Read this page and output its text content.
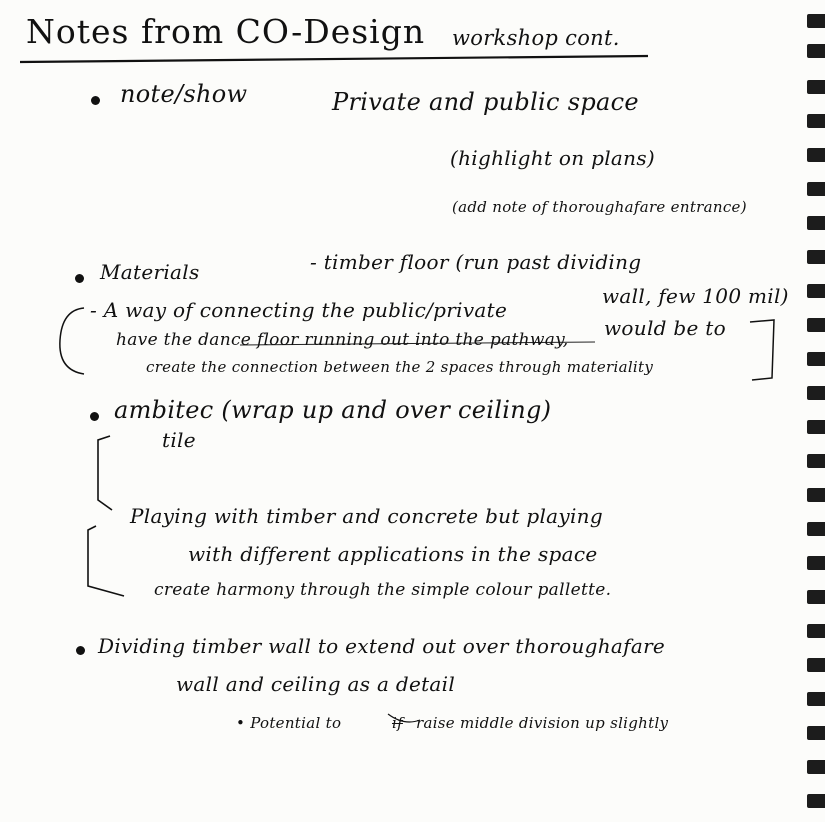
Notes from CO-Design workshop cont.
note/show	Private and public space
(highlight on plans)
(add note of thoroughafare entrance)
Materials	- timber floor (run past dividing
wall, few 100 mil)
- A way of connecting the public/private
would be to
have the dance floor running out into the pathway,
create the connection between the 2 spaces through materiality
ambitec (wrap up and over ceiling)
tile
Playing with timber and concrete but playing
with different applications in the space
create harmony through the simple colour pallette.
Dividing timber wall to extend out over thoroughafare
wall and ceiling as a detail
• Potential to	if raise middle division up slightly
